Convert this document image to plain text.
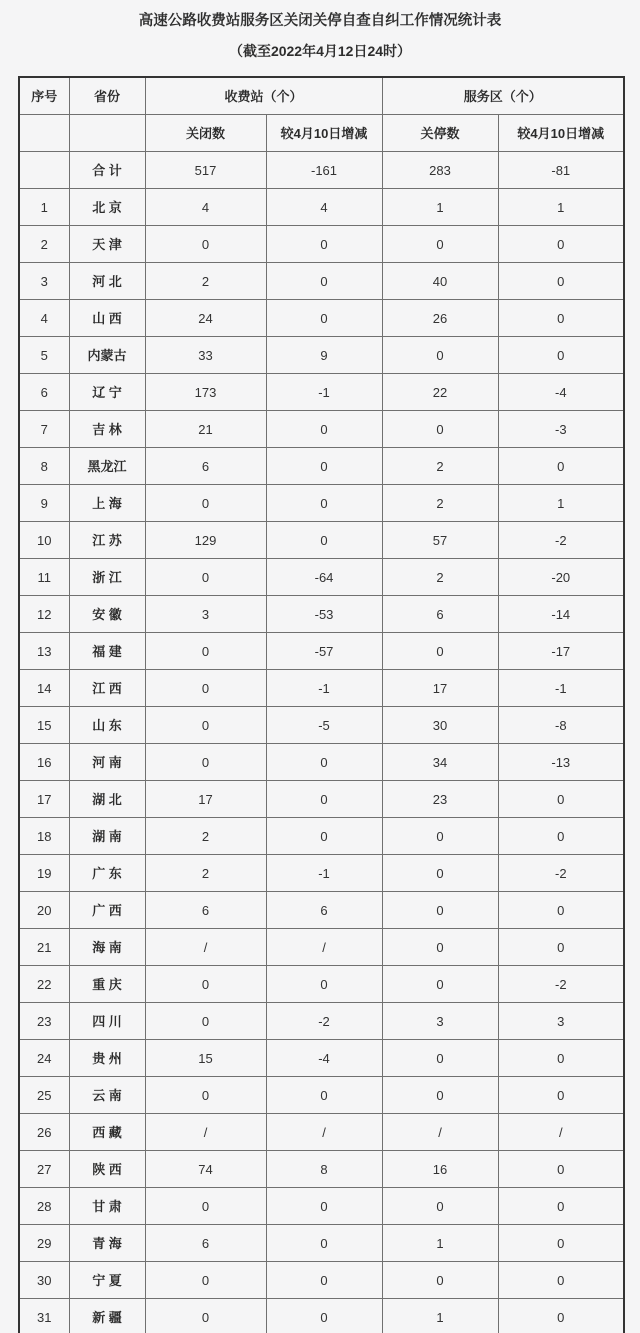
高速公路收费站服务区关闭关停自查自纠工作情况统计表
（截至2022年4月12日24时）
序号	省份	收费站（个）		服务区（个）	
		关闭数	较4月10日增减	关停数	较4月10日增减
	合 计	517	-161	283	-81
1	北 京	4	4	1	1
2	天 津	0	0	0	0
3	河 北	2	0	40	0
4	山 西	24	0	26	0
5	内蒙古	33	9	0	0
6	辽 宁	173	-1	22	-4
7	吉 林	21	0	0	-3
8	黑龙江	6	0	2	0
9	上 海	0	0	2	1
10	江 苏	129	0	57	-2
11	浙 江	0	-64	2	-20
12	安 徽	3	-53	6	-14
13	福 建	0	-57	0	-17
14	江 西	0	-1	17	-1
15	山 东	0	-5	30	-8
16	河 南	0	0	34	-13
17	湖 北	17	0	23	0
18	湖 南	2	0	0	0
19	广 东	2	-1	0	-2
20	广 西	6	6	0	0
21	海 南	/	/	0	0
22	重 庆	0	0	0	-2
23	四 川	0	-2	3	3
24	贵 州	15	-4	0	0
25	云 南	0	0	0	0
26	西 藏	/	/	/	/
27	陕 西	74	8	16	0
28	甘 肃	0	0	0	0
29	青 海	6	0	1	0
30	宁 夏	0	0	0	0
31	新 疆	0	0	1	0
